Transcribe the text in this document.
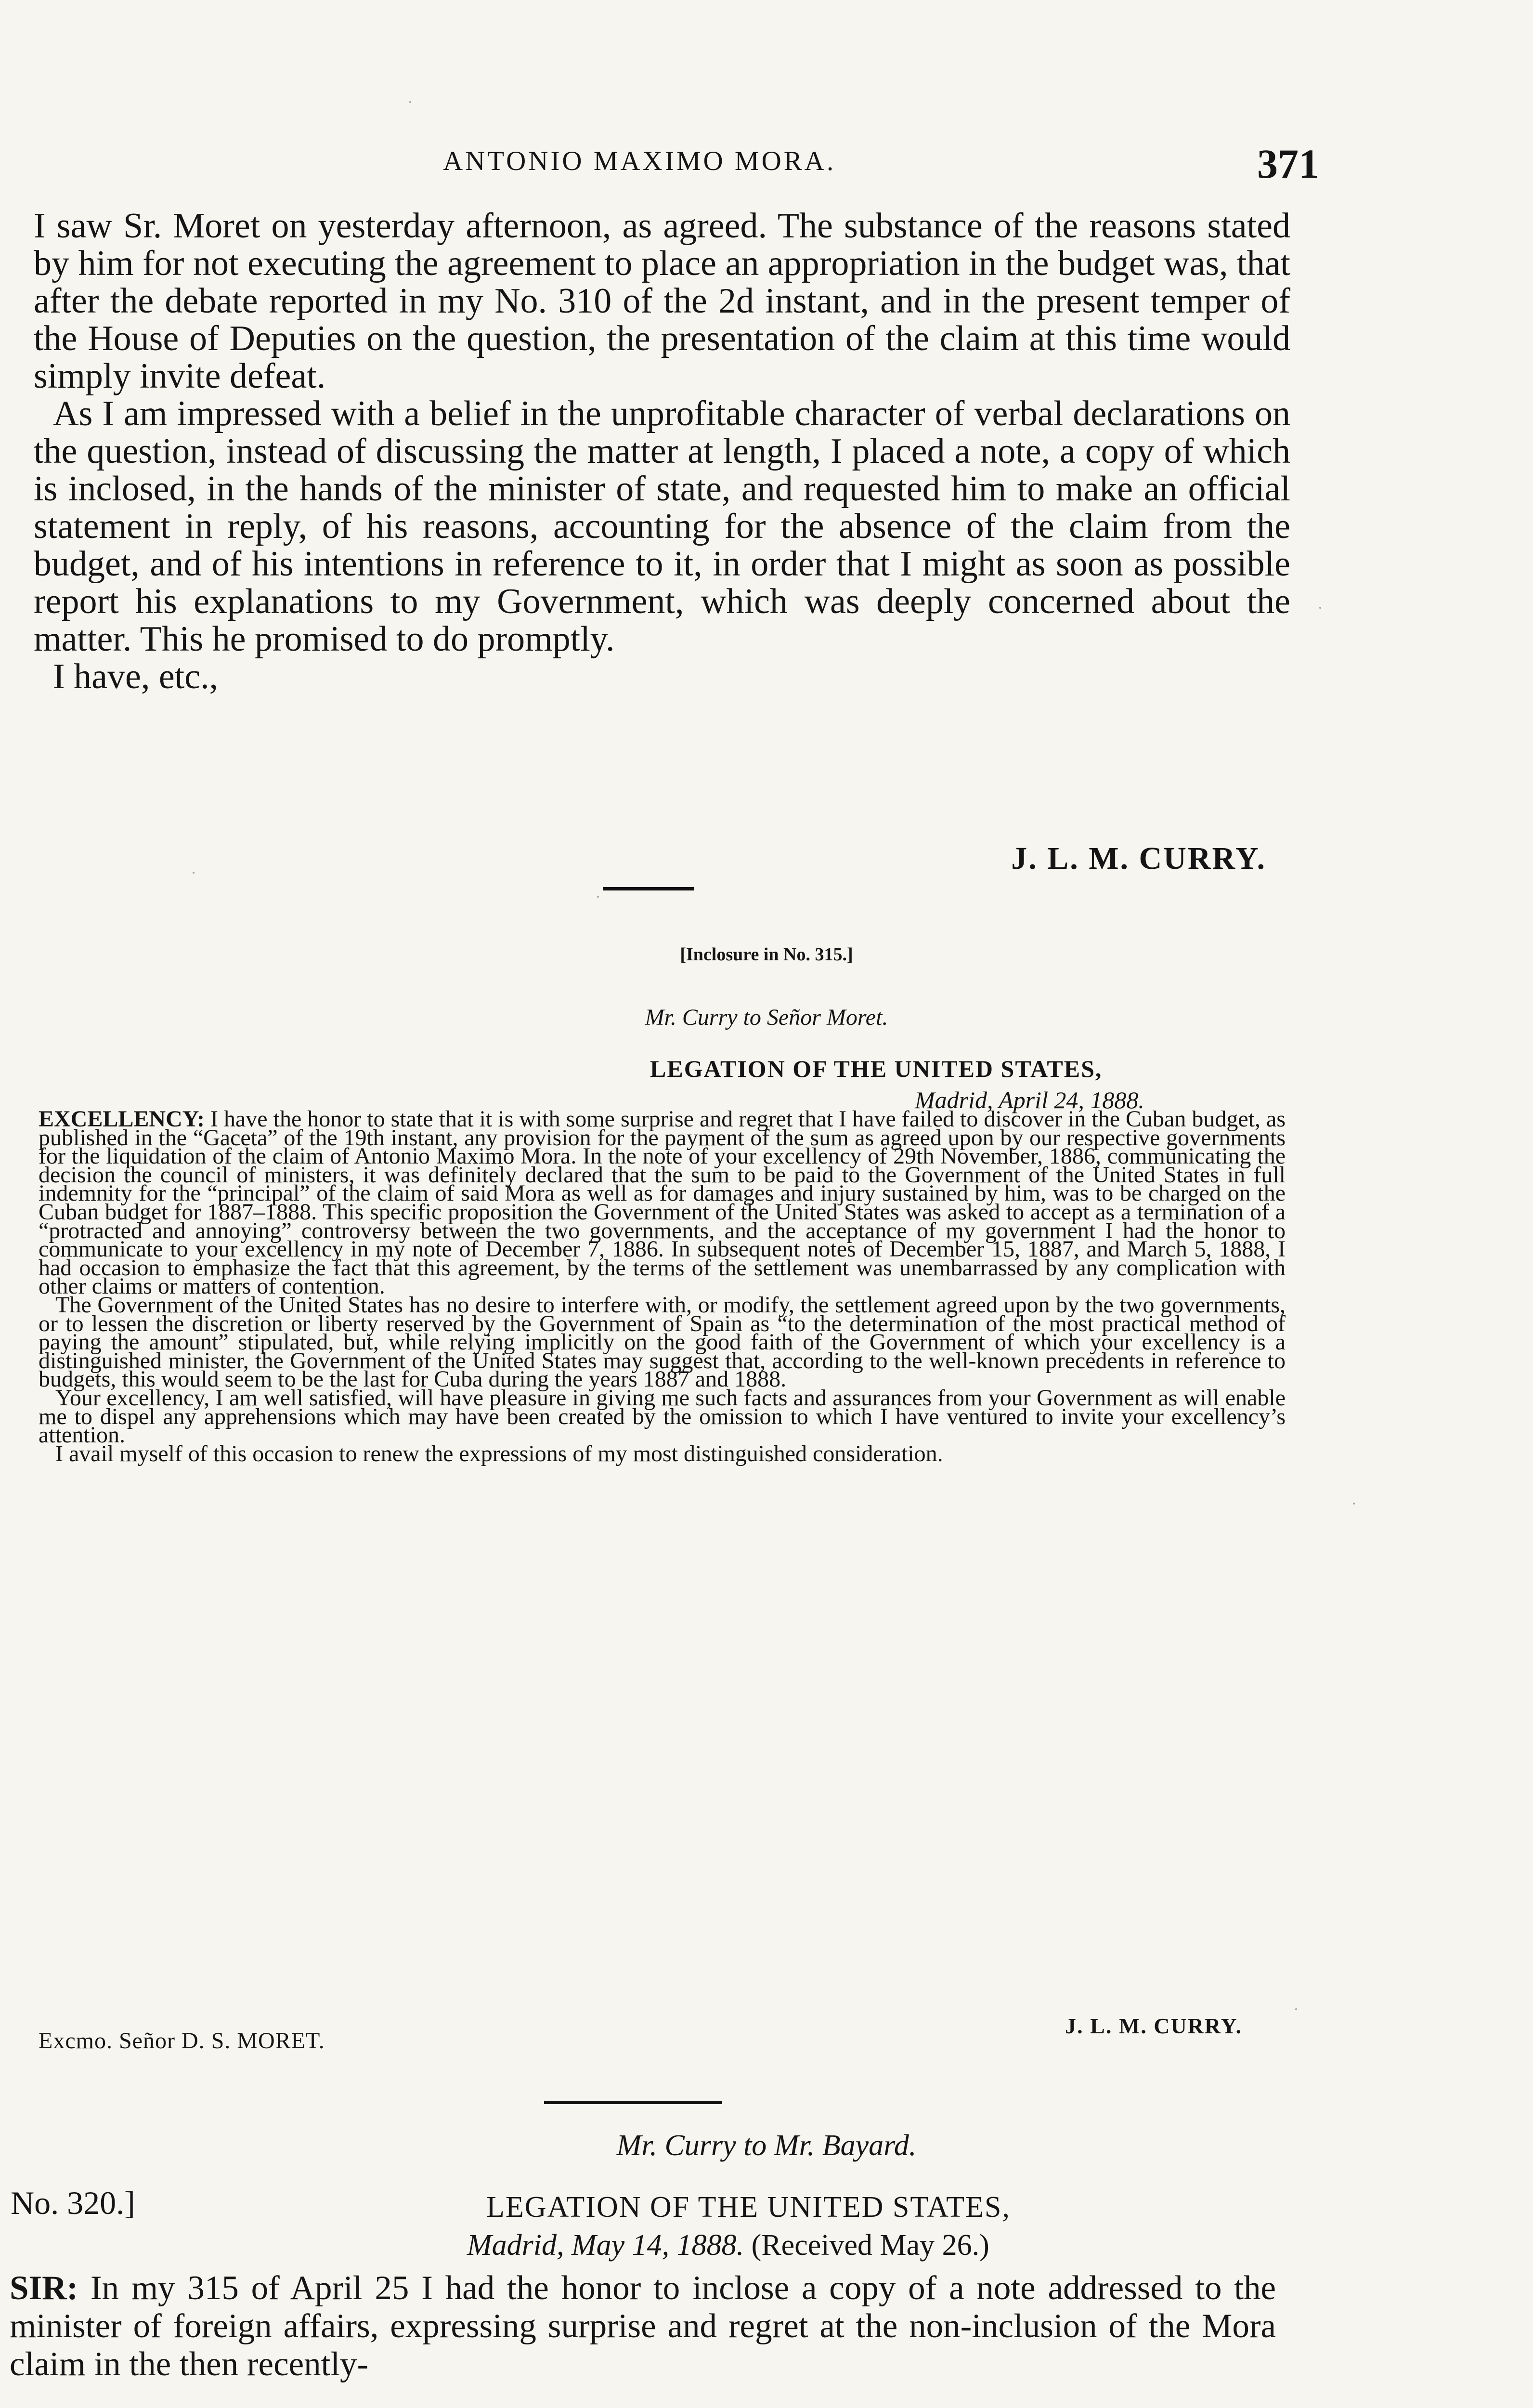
ANTONIO MAXIMO MORA.	371

I saw Sr. Moret on yesterday afternoon, as agreed. The substance of the reasons stated by him for not executing the agreement to place an appropriation in the budget was, that after the debate reported in my No. 310 of the 2d instant, and in the present temper of the House of Deputies on the question, the presentation of the claim at this time would simply invite defeat.

As I am impressed with a belief in the unprofitable character of verbal declarations on the question, instead of discussing the matter at length, I placed a note, a copy of which is inclosed, in the hands of the minister of state, and requested him to make an official statement in reply, of his reasons, accounting for the absence of the claim from the budget, and of his intentions in reference to it, in order that I might as soon as possible report his explanations to my Government, which was deeply concerned about the matter. This he promised to do promptly.

I have, etc.,

J. L. M. CURRY.
[Inclosure in No. 315.]
Mr. Curry to Señor Moret.
LEGATION OF THE UNITED STATES,
Madrid, April 24, 1888.

EXCELLENCY: I have the honor to state that it is with some surprise and regret that I have failed to discover in the Cuban budget, as published in the “Gaceta” of the 19th instant, any provision for the payment of the sum as agreed upon by our respective governments for the liquidation of the claim of Antonio Maximo Mora. In the note of your excellency of 29th November, 1886, communicating the decision the council of ministers, it was definitely declared that the sum to be paid to the Government of the United States in full indemnity for the “principal” of the claim of said Mora as well as for damages and injury sustained by him, was to be charged on the Cuban budget for 1887–1888. This specific proposition the Government of the United States was asked to accept as a termination of a “protracted and annoying” controversy between the two governments, and the acceptance of my government I had the honor to communicate to your excellency in my note of December 7, 1886. In subsequent notes of December 15, 1887, and March 5, 1888, I had occasion to emphasize the fact that this agreement, by the terms of the settlement was unembarrassed by any complication with other claims or matters of contention.

The Government of the United States has no desire to interfere with, or modify, the settlement agreed upon by the two governments, or to lessen the discretion or liberty reserved by the Government of Spain as “to the determination of the most practical method of paying the amount” stipulated, but, while relying implicitly on the good faith of the Government of which your excellency is a distinguished minister, the Government of the United States may suggest that, according to the well-known precedents in reference to budgets, this would seem to be the last for Cuba during the years 1887 and 1888.

Your excellency, I am well satisfied, will have pleasure in giving me such facts and assurances from your Government as will enable me to dispel any apprehensions which may have been created by the omission to which I have ventured to invite your excellency’s attention.

I avail myself of this occasion to renew the expressions of my most distinguished consideration.

J. L. M. CURRY.
Excmo. Señor D. S. MORET.
Mr. Curry to Mr. Bayard.
No. 320.]	LEGATION OF THE UNITED STATES,
Madrid, May 14, 1888. (Received May 26.)
SIR: In my 315 of April 25 I had the honor to inclose a copy of a note addressed to the minister of foreign affairs, expressing surprise and regret at the non-inclusion of the Mora claim in the then recently-
